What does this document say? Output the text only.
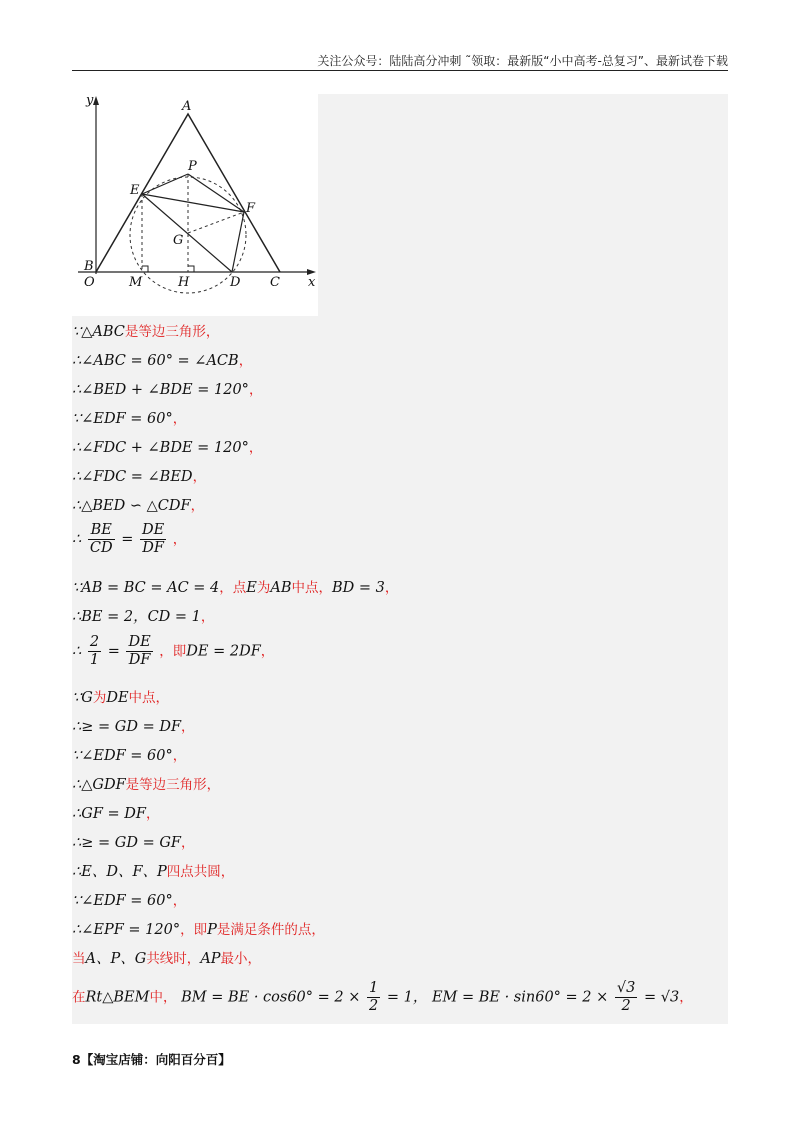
关注公众号：陆陆高分冲刺 ˜领取：最新版“小中高考-总复习”、最新试卷下载
y	A
P
E
F
G
B
O	M	H	D C x
∵△ABC是等边三角形，
∴∠ABC = 60° = ∠ACB，
∴∠BED + ∠BDE = 120°，
∵∠EDF = 60°，
∴∠FDC + ∠BDE = 120°，
∴∠FDC = ∠BED，
∴△BED ∽ △CDF，
∴ $\frac{BE}{CD} = \frac{DE}{DF}$ ，
∵AB = BC = AC = 4，点E为AB中点，BD = 3，
∴BE = 2，CD = 1，
∴ $\frac{2}{1} = \frac{DE}{DF}$ ，即DE = 2DF，
∵G为DE中点，
∴≥ = GD = DF，
∵∠EDF = 60°，
∴△GDF是等边三角形，
∴GF = DF，
∴≥ = GD = GF，
∴E、D、F、P四点共圆，
∵∠EDF = 60°，
∴∠EPF = 120°，即P是满足条件的点，
当A、P、G共线时，AP最小，
在Rt△BEM中， BM = BE · $\cos 60^\circ = 2 \times \frac{1}{2} = 1$， EM = BE · $\sin 60^\circ = 2 \times \frac{√3}{2} = √3$，
8【淘宝店铺：向阳百分百】
